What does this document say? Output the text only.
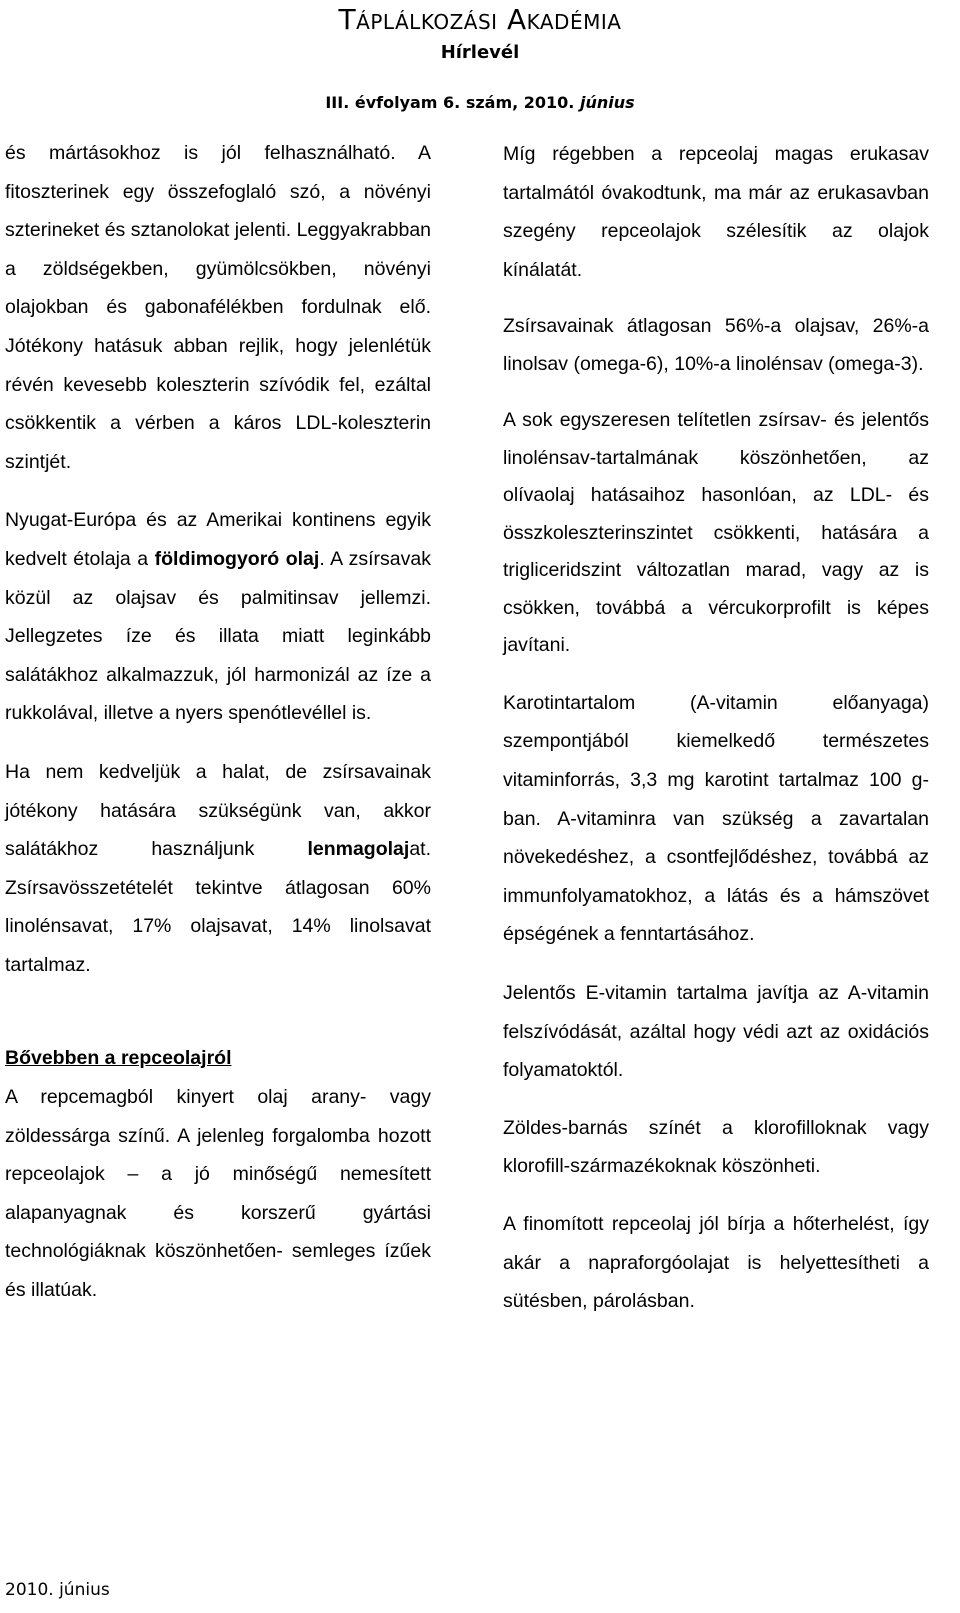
Táplálkozási Akadémia
Hírlevél
III. évfolyam 6. szám, 2010. június

és mártásokhoz is jól felhasználható. A fitoszterinek egy összefoglaló szó, a növényi szterineket és sztanolokat jelenti. Leggyakrabban a zöldségekben, gyümölcsökben, növényi olajokban és gabonafélékben fordulnak elő. Jótékony hatásuk abban rejlik, hogy jelenlétük révén kevesebb koleszterin szívódik fel, ezáltal csökkentik a vérben a káros LDL-koleszterin szintjét.

Nyugat-Európa és az Amerikai kontinens egyik kedvelt étolaja a földimogyoró olaj. A zsírsavak közül az olajsav és palmitinsav jellemzi. Jellegzetes íze és illata miatt leginkább salátákhoz alkalmazzuk, jól harmonizál az íze a rukkolával, illetve a nyers spenótlevéllel is.

Ha nem kedveljük a halat, de zsírsavainak jótékony hatására szükségünk van, akkor salátákhoz használjunk lenmagolajat. Zsírsavösszetételét tekintve átlagosan 60% linolénsavat, 17% olajsavat, 14% linolsavat tartalmaz.

Bővebben a repceolajról

A repcemagból kinyert olaj arany- vagy zöldessárga színű. A jelenleg forgalomba hozott repceolajok – a jó minőségű nemesített alapanyagnak és korszerű gyártási technológiáknak köszönhetően- semleges ízűek és illatúak.

Míg régebben a repceolaj magas erukasav tartalmától óvakodtunk, ma már az erukasavban szegény repceolajok szélesítik az olajok kínálatát.

Zsírsavainak átlagosan 56%-a olajsav, 26%-a linolsav (omega-6), 10%-a linolénsav (omega-3).

A sok egyszeresen telítetlen zsírsav- és jelentős linolénsav-tartalmának köszönhetően, az olívaolaj hatásaihoz hasonlóan, az LDL- és összkoleszterinszintet csökkenti, hatására a trigliceridszint változatlan marad, vagy az is csökken, továbbá a vércukorprofilt is képes javítani.

Karotintartalom (A-vitamin előanyaga) szempontjából kiemelkedő természetes vitaminforrás, 3,3 mg karotint tartalmaz 100 g-ban. A-vitaminra van szükség a zavartalan növekedéshez, a csontfejlődéshez, továbbá az immunfolyamatokhoz, a látás és a hámszövet épségének a fenntartásához.

Jelentős E-vitamin tartalma javítja az A-vitamin felszívódását, azáltal hogy védi azt az oxidációs folyamatoktól.

Zöldes-barnás színét a klorofilloknak vagy klorofill-származékoknak köszönheti.

A finomított repceolaj jól bírja a hőterhelést, így akár a napraforgóolajat is helyettesítheti a sütésben, párolásban.

2010. június
